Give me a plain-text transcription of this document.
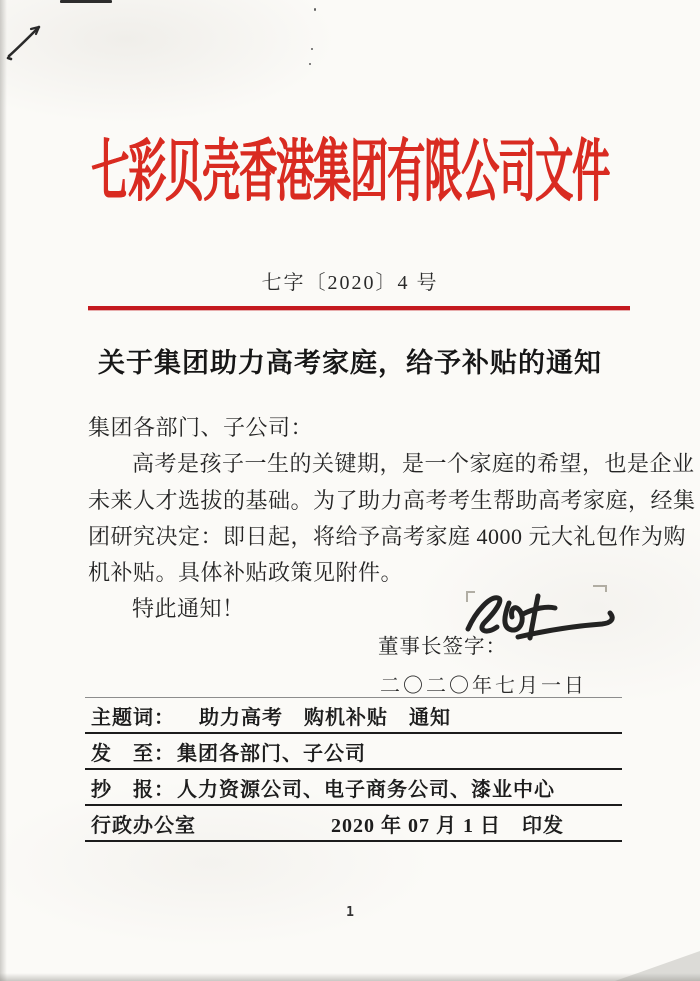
七彩贝壳香港集团有限公司文件
七字〔2020〕4 号
关于集团助力高考家庭，给予补贴的通知
集团各部门、子公司：
高考是孩子一生的关键期，是一个家庭的希望，也是企业
未来人才选拔的基础。为了助力高考考生帮助高考家庭，经集
团研究决定：即日起，将给予高考家庭 4000 元大礼包作为购
机补贴。具体补贴政策见附件。
特此通知！
董事长签字：
二〇二〇年七月一日
主题词： 助力高考　购机补贴　通知
发　至： 集团各部门、子公司
抄　报： 人力资源公司、电子商务公司、漆业中心
行政办公室	2020 年 07 月 1 日　印发
1
